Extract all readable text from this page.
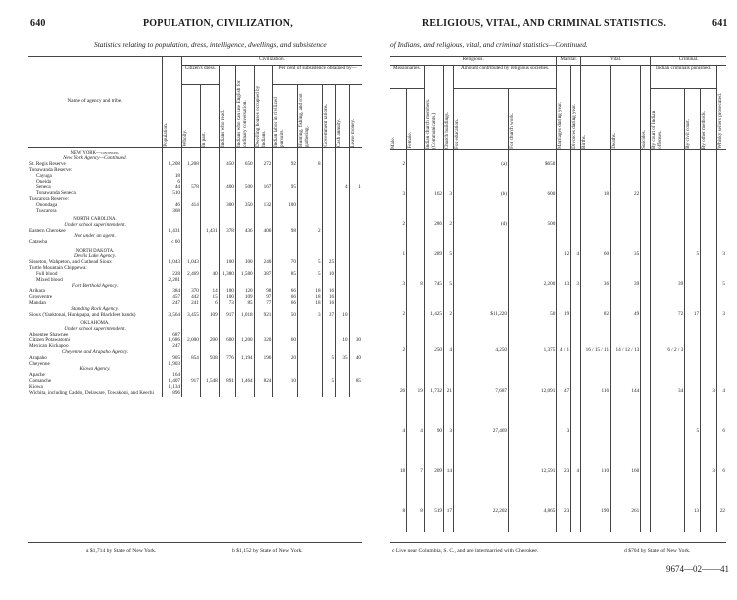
640	POPULATION, CIVILIZATION,
Statistics relating to population, dress, intelligence, dwellings, and subsistence
Name of agency and tribe.	Population.	Civilization.									
		Citizen's dress.		Indians who read.	Indians who can use English for ordinary conversation.	Dwelling houses occupied by Indians.	Per cent of subsistence obtained by—				

		Wholly.	In part.				Indian labor in civilized pursuits.	Hunting, fishing, and root gathering.	Government rations.	Cash annuity.	Lease money.

NEW YORK—continued.											
New York Agency—Continued.											
St. Regis Reserve	1,208	1,208		450	650	272	92	8			
Tonawanda Reserve:											
Cayuga	18										
Oneida	6										
Seneca	44	578		400	500	167	95			4	1
Tonawanda Seneca	510										
Tuscarora Reserve:											
Onondaga	46	414		300	350	132	100				
Tuscarora	368										
NORTH CAROLINA.											
Under school superintendent.											
Eastern Cherokee	1,431		1,431	378	436	406	98	2			
Not under an agent.											
Catawba	c 60										
NORTH DAKOTA.											
Devils Lake Agency.											
Sisseton, Wahpeton, and Cuthead Sioux	1,043	1,043		100	100	240	70	5	25		
Turtle Mountain Chippewa:											
Full blood	228	2,469	40	1,380	1,580	387	85	5	10		
Mixed blood	2,281										
Fort Berthold Agency.											
Arikara	384	370	14	100	120	98	66	18	16		
Grosventre	457	442	15	100	109	97	66	18	16		
Mandan	247	241	6	73	85	77	66	18	16		
Standing Rock Agency.											
Sioux (Yanktonai, Hunkpapa, and Blackfeet bands)	3,564	3,455	109	917	1,018	921	50	3	37	10	
OKLAHOMA.											
Under school superintendent.											
Absentee Shawnee	687										
Citizen Potawatomi	1,686	2,000	200	600	1,200	320	60			10	30
Mexican Kickapoo	247										
Cheyenne and Arapaho Agency.											
Arapaho	905	854	938	776	1,194	196	20		5	35	40
Cheyenne	1,903										
Kiowa Agency.											
Apache	164										
Comanche	1,407	917	1,548	891	1,464	824	10		5		85
Kiowa	1,134										
Wichita, including Caddo, Delaware, Towakoni, and Keechi	896										
a $1,714 by State of New York.	b $1,152 by State of New York.
RELIGIOUS, VITAL, AND CRIMINAL STATISTICS.	641
of Indians, and religious, vital, and criminal statistics—Continued.
Religious.						Marital.		Vital.			Criminal.			
Missionaries.		Indian church members. (Communicants.)	Church buildings.	Amount contributed by religious societies.		Marriages during year.	Divorces during year.	Births.	Deaths.	Suicides.	Indian criminals punished.			Whisky sellers prosecuted.

Male.	Female.			For education.	For church work.						By court of Indian offenses.	By civil court.	By other methods.	

2				(a)	$650									
3		162	3	(b)	600			18	22					
2		286	2	(d)	500									
1		289	5			12	4	60	35			5		3
3	8	745	5		2,200	13	3	36	39		39			5
2		1,425	2	$11,220	50	19		82	49		72	17		3
2		250	4	4,250	1,375	4 / 1		16 / 15 / 11	14 / 12 / 13		6 / 2 / 3			
26	19	1,732	21	7,687	12,091	47		116	144		34		3	4
4	4	90	3	27,469		3						5		6
18	7	209	14		12,591	23	4	110	160				3	6
8	8	519	17	22,202	4,865	23		190	261			13		22
c Live near Columbia, S. C., and are intermarried with Cherokee.	d $704 by State of New York.
9674—02——41
